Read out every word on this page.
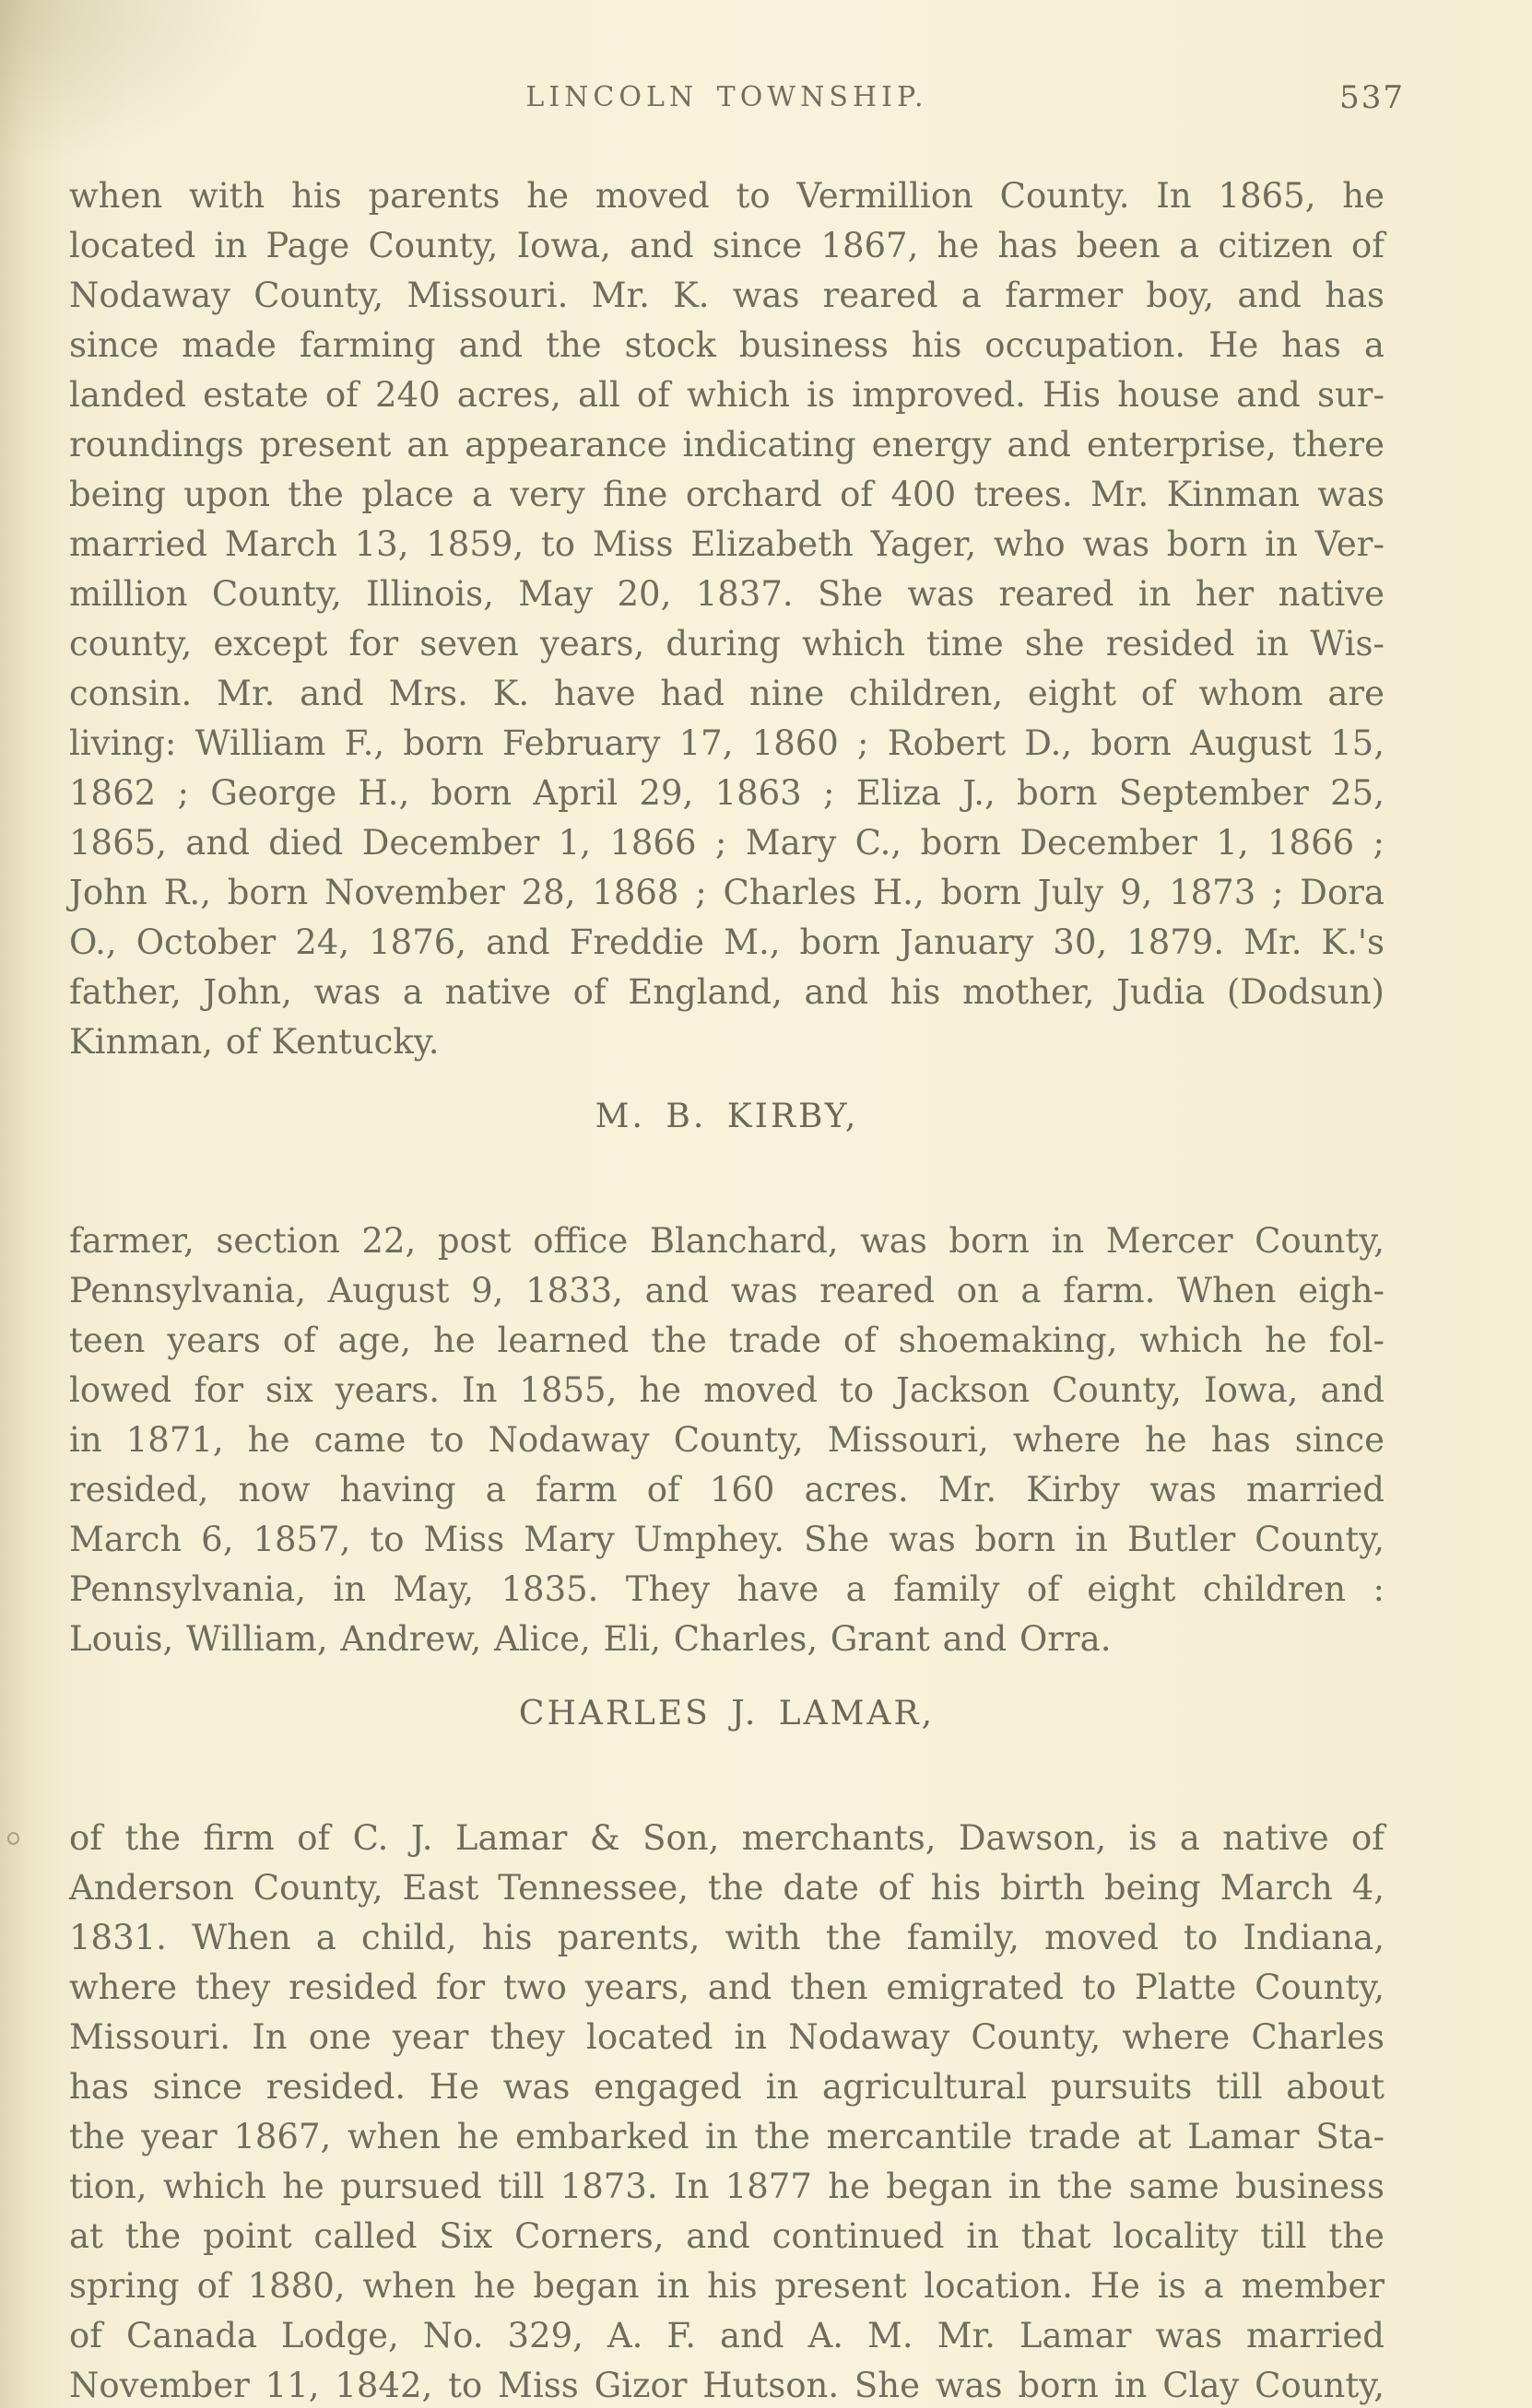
LINCOLN TOWNSHIP.	537
when with his parents he moved to Vermillion County. In 1865, he
located in Page County, Iowa, and since 1867, he has been a citizen of
Nodaway County, Missouri. Mr. K. was reared a farmer boy, and has
since made farming and the stock business his occupation. He has a
landed estate of 240 acres, all of which is improved. His house and sur-
roundings present an appearance indicating energy and enterprise, there
being upon the place a very fine orchard of 400 trees. Mr. Kinman was
married March 13, 1859, to Miss Elizabeth Yager, who was born in Ver-
million County, Illinois, May 20, 1837. She was reared in her native
county, except for seven years, during which time she resided in Wis-
consin. Mr. and Mrs. K. have had nine children, eight of whom are
living: William F., born February 17, 1860 ; Robert D., born August 15,
1862 ; George H., born April 29, 1863 ; Eliza J., born September 25,
1865, and died December 1, 1866 ; Mary C., born December 1, 1866 ;
John R., born November 28, 1868 ; Charles H., born July 9, 1873 ; Dora
O., October 24, 1876, and Freddie M., born January 30, 1879. Mr. K.'s
father, John, was a native of England, and his mother, Judia (Dodsun)
Kinman, of Kentucky.
M. B. KIRBY,
farmer, section 22, post office Blanchard, was born in Mercer County,
Pennsylvania, August 9, 1833, and was reared on a farm. When eigh-
teen years of age, he learned the trade of shoemaking, which he fol-
lowed for six years. In 1855, he moved to Jackson County, Iowa, and
in 1871, he came to Nodaway County, Missouri, where he has since
resided, now having a farm of 160 acres. Mr. Kirby was married
March 6, 1857, to Miss Mary Umphey. She was born in Butler County,
Pennsylvania, in May, 1835. They have a family of eight children :
Louis, William, Andrew, Alice, Eli, Charles, Grant and Orra.
CHARLES J. LAMAR,
of the firm of C. J. Lamar & Son, merchants, Dawson, is a native of
Anderson County, East Tennessee, the date of his birth being March 4,
1831. When a child, his parents, with the family, moved to Indiana,
where they resided for two years, and then emigrated to Platte County,
Missouri. In one year they located in Nodaway County, where Charles
has since resided. He was engaged in agricultural pursuits till about
the year 1867, when he embarked in the mercantile trade at Lamar Sta-
tion, which he pursued till 1873. In 1877 he began in the same business
at the point called Six Corners, and continued in that locality till the
spring of 1880, when he began in his present location. He is a member
of Canada Lodge, No. 329, A. F. and A. M. Mr. Lamar was married
November 11, 1842, to Miss Gizor Hutson. She was born in Clay County,
